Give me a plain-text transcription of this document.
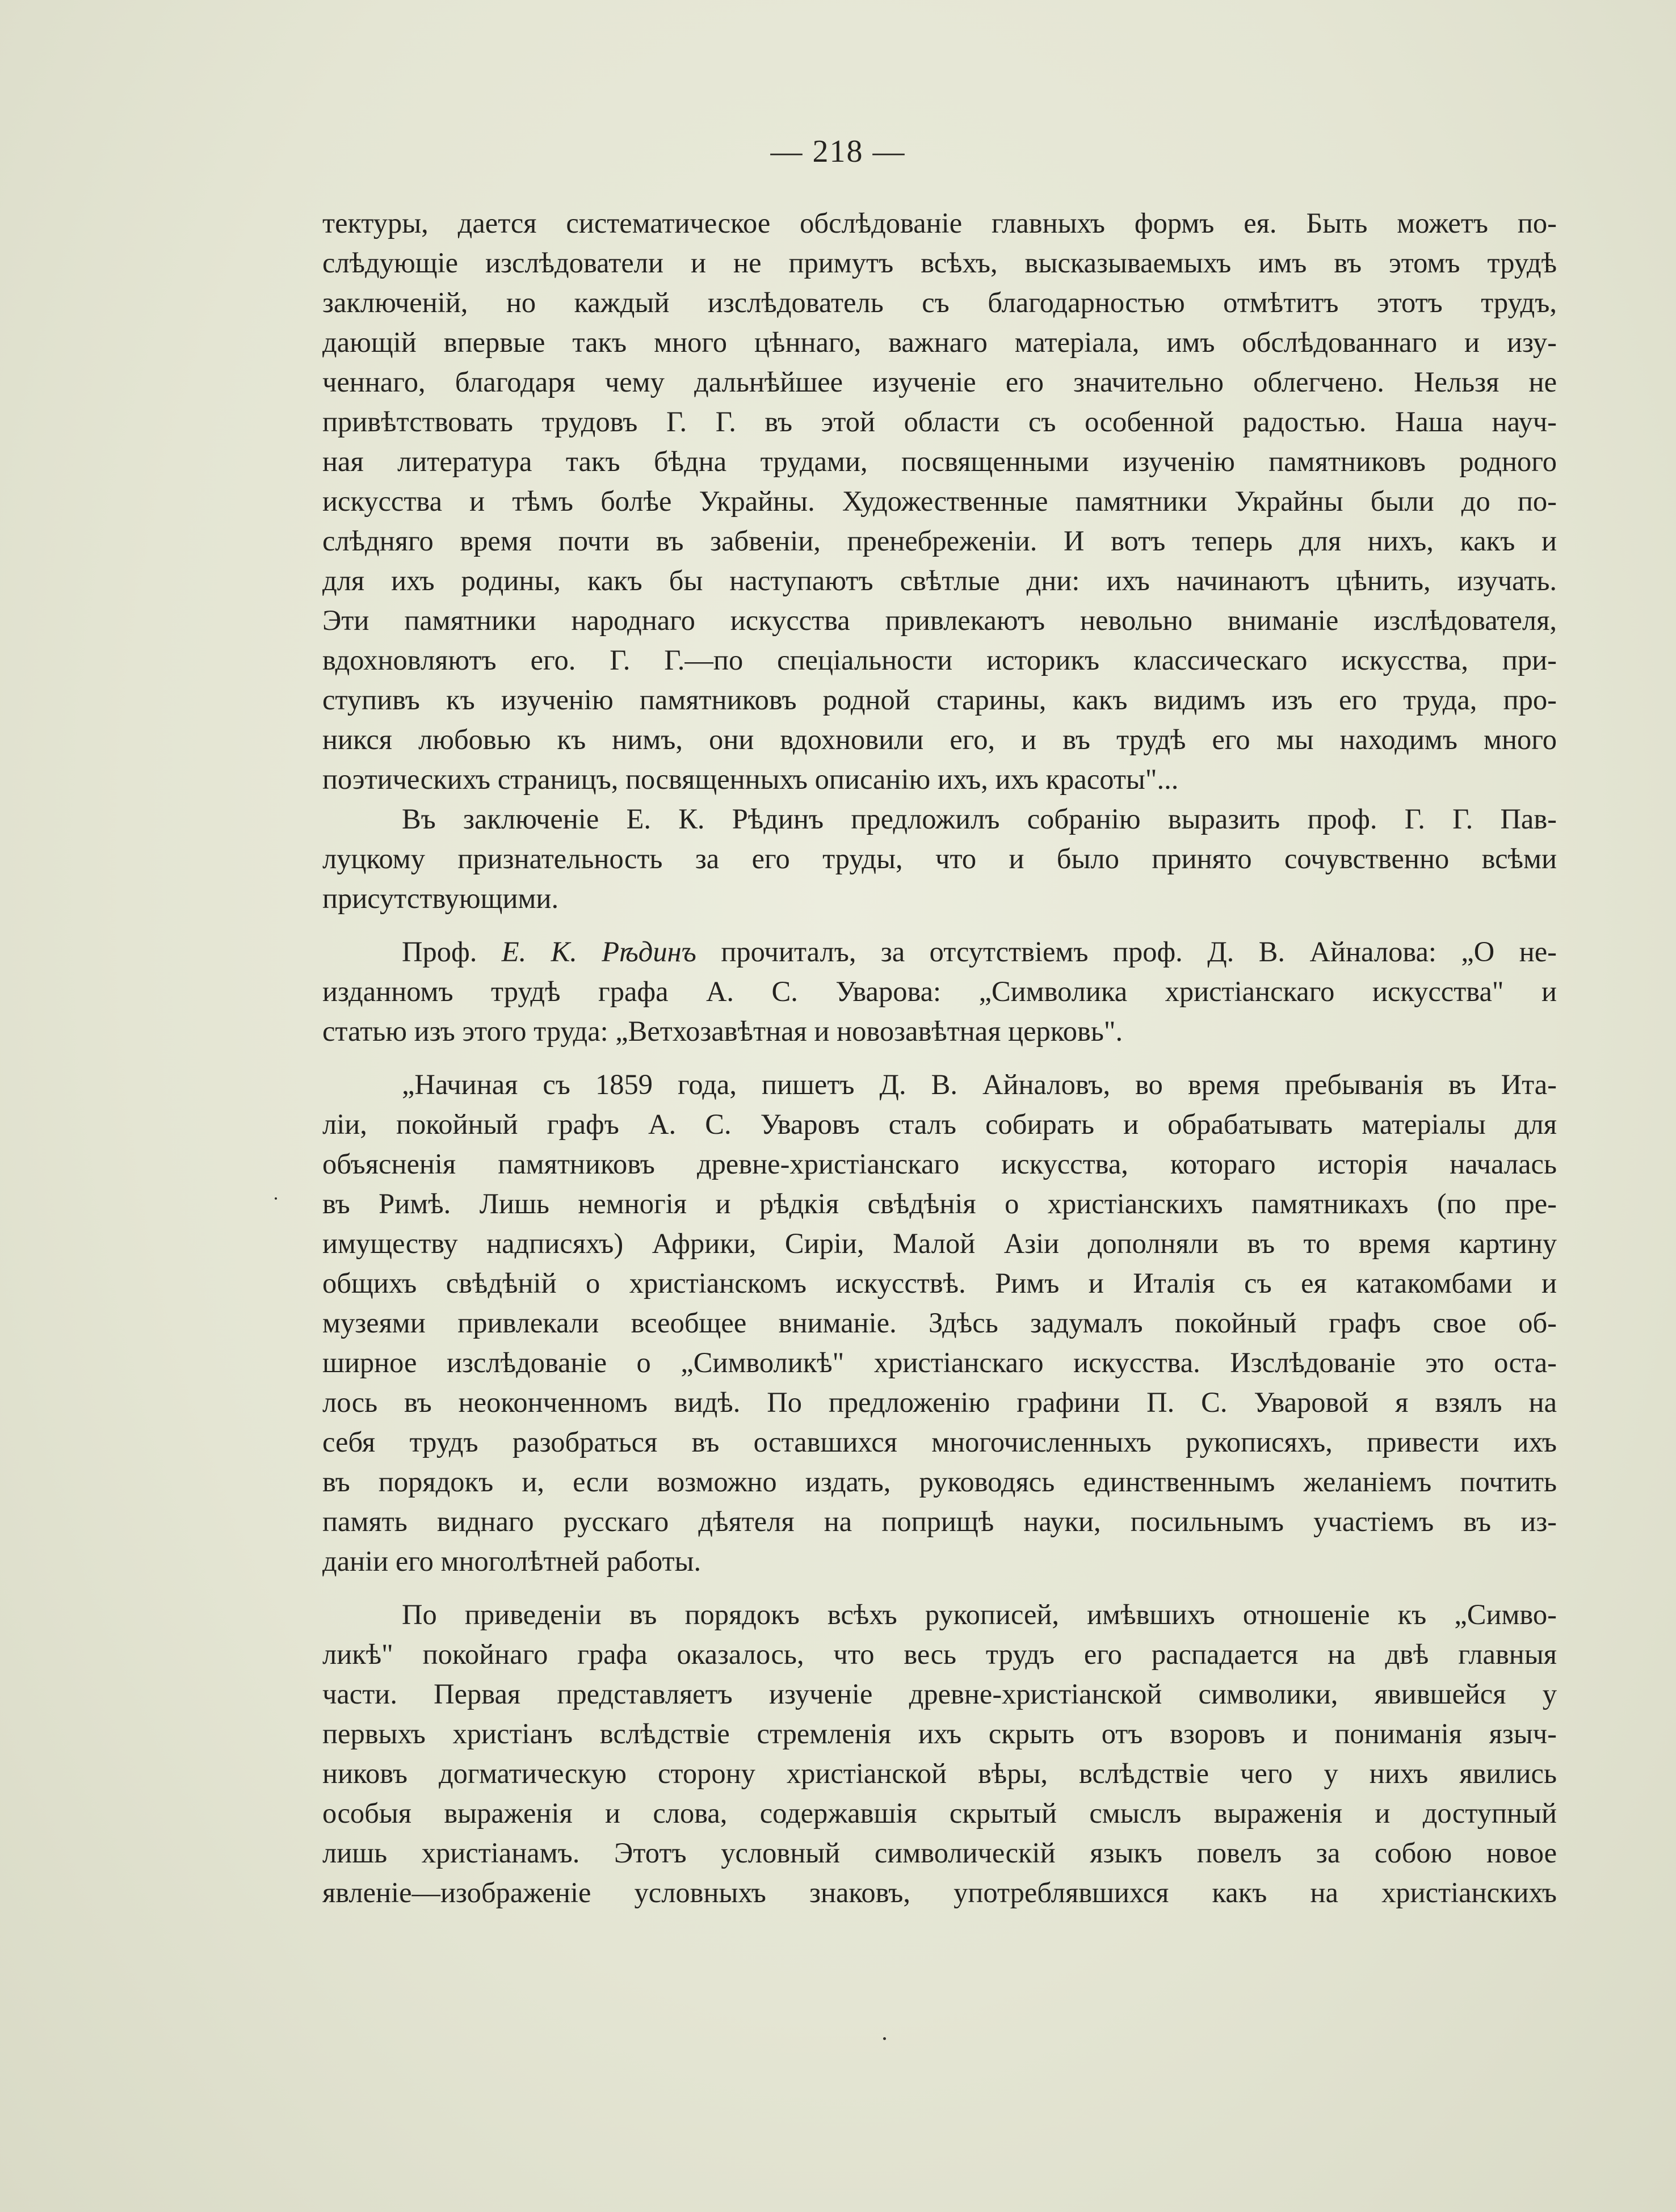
— 218 —
тектуры, дается систематическое обслѣдованіе главныхъ формъ ея. Быть можетъ по-
слѣдующіе изслѣдователи и не примутъ всѣхъ, высказываемыхъ имъ въ этомъ трудѣ
заключеній, но каждый изслѣдователь съ благодарностью отмѣтитъ этотъ трудъ,
дающій впервые такъ много цѣннаго, важнаго матеріала, имъ обслѣдованнаго и изу-
ченнаго, благодаря чему дальнѣйшее изученіе его значительно облегчено. Нельзя не
привѣтствовать трудовъ Г. Г. въ этой области съ особенной радостью. Наша науч-
ная литература такъ бѣдна трудами, посвященными изученію памятниковъ родного
искусства и тѣмъ болѣе Украйны. Художественные памятники Украйны были до по-
слѣдняго время почти въ забвеніи, пренебреженіи. И вотъ теперь для нихъ, какъ и
для ихъ родины, какъ бы наступаютъ свѣтлые дни: ихъ начинаютъ цѣнить, изучать.
Эти памятники народнаго искусства привлекаютъ невольно вниманіе изслѣдователя,
вдохновляютъ его. Г. Г.—по спеціальности историкъ классическаго искусства, при-
ступивъ къ изученію памятниковъ родной старины, какъ видимъ изъ его труда, про-
никся любовью къ нимъ, они вдохновили его, и въ трудѣ его мы находимъ много
поэтическихъ страницъ, посвященныхъ описанію ихъ, ихъ красоты"...
Въ заключеніе Е. К. Рѣдинъ предложилъ собранію выразить проф. Г. Г. Пав-
луцкому признательность за его труды, что и было принято сочувственно всѣми
присутствующими.
Проф. Е. К. Рѣдинъ прочиталъ, за отсутствіемъ проф. Д. В. Айналова: „О не-
изданномъ трудѣ графа А. С. Уварова: „Символика христіанскаго искусства" и
статью изъ этого труда: „Ветхозавѣтная и новозавѣтная церковь".
„Начиная съ 1859 года, пишетъ Д. В. Айналовъ, во время пребыванія въ Ита-
ліи, покойный графъ А. С. Уваровъ сталъ собирать и обрабатывать матеріалы для
объясненія памятниковъ древне-христіанскаго искусства, котораго исторія началась
въ Римѣ. Лишь немногія и рѣдкія свѣдѣнія о христіанскихъ памятникахъ (по пре-
имуществу надписяхъ) Африки, Сиріи, Малой Азіи дополняли въ то время картину
общихъ свѣдѣній о христіанскомъ искусствѣ. Римъ и Италія съ ея катакомбами и
музеями привлекали всеобщее вниманіе. Здѣсь задумалъ покойный графъ свое об-
ширное изслѣдованіе о „Символикѣ" христіанскаго искусства. Изслѣдованіе это оста-
лось въ неоконченномъ видѣ. По предложенію графини П. С. Уваровой я взялъ на
себя трудъ разобраться въ оставшихся многочисленныхъ рукописяхъ, привести ихъ
въ порядокъ и, если возможно издать, руководясь единственнымъ желаніемъ почтить
память виднаго русскаго дѣятеля на поприщѣ науки, посильнымъ участіемъ въ из-
даніи его многолѣтней работы.
По приведеніи въ порядокъ всѣхъ рукописей, имѣвшихъ отношеніе къ „Симво-
ликѣ" покойнаго графа оказалось, что весь трудъ его распадается на двѣ главныя
части. Первая представляетъ изученіе древне-христіанской символики, явившейся у
первыхъ христіанъ вслѣдствіе стремленія ихъ скрыть отъ взоровъ и пониманія языч-
никовъ догматическую сторону христіанской вѣры, вслѣдствіе чего у нихъ явились
особыя выраженія и слова, содержавшія скрытый смыслъ выраженія и доступный
лишь христіанамъ. Этотъ условный символическій языкъ повелъ за собою новое
явленіе—изображеніе условныхъ знаковъ, употреблявшихся какъ на христіанскихъ
